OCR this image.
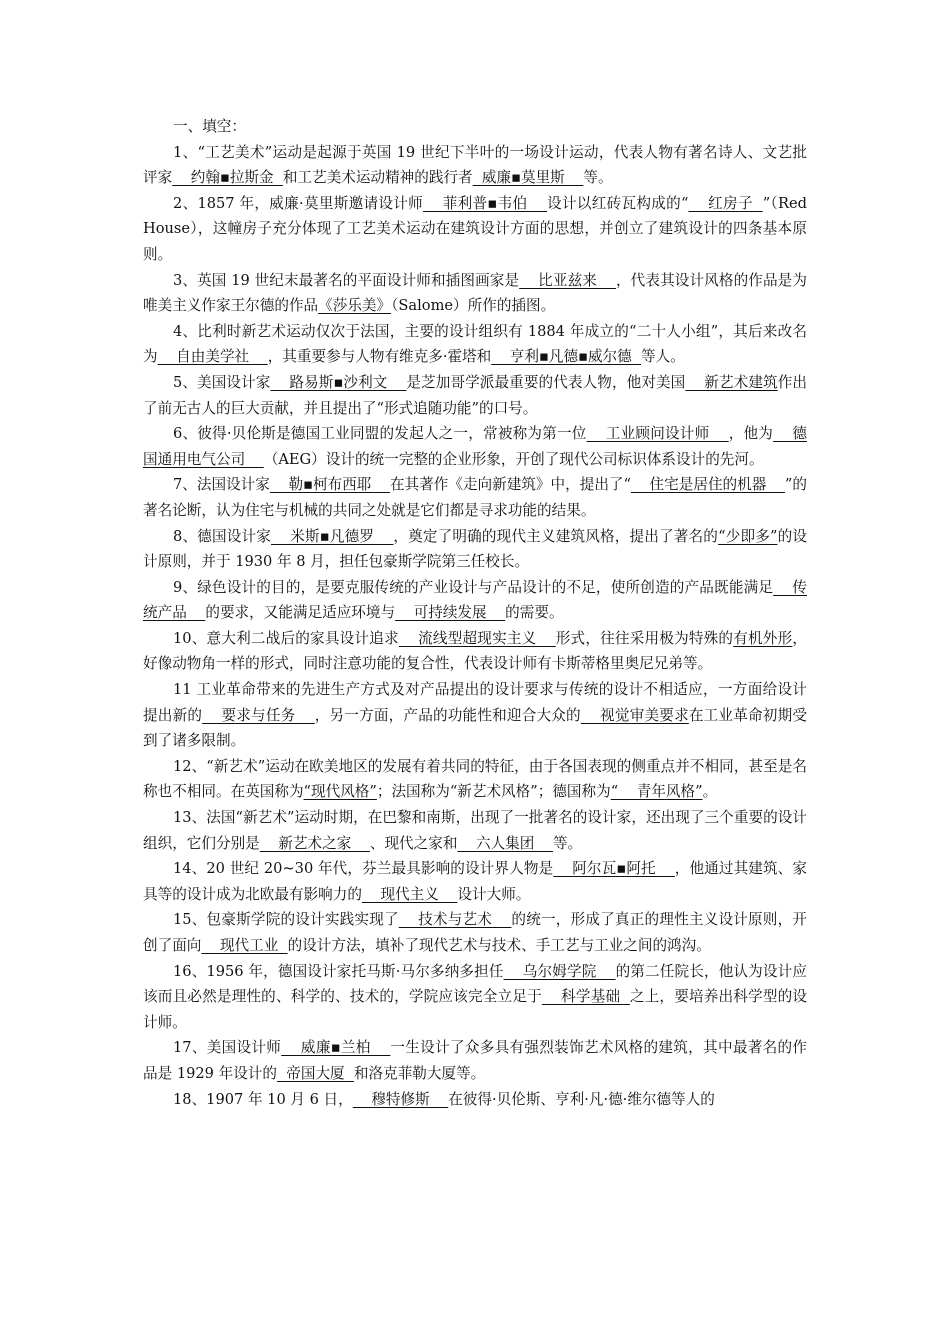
一、填空：

1、“工艺美术”运动是起源于英国 19 世纪下半叶的一场设计运动，代表人物有著名诗人、文艺批评家    约翰▪拉斯金  和工艺美术运动精神的践行者  威廉▪莫里斯    等。

2、1857 年，威廉·莫里斯邀请设计师    菲利普▪韦伯    设计以红砖瓦构成的“    红房子  ”（Red House），这幢房子充分体现了工艺美术运动在建筑设计方面的思想，并创立了建筑设计的四条基本原则。

3、英国 19 世纪末最著名的平面设计师和插图画家是    比亚兹来    ，代表其设计风格的作品是为唯美主义作家王尔德的作品《莎乐美》（Salome）所作的插图。

4、比利时新艺术运动仅次于法国，主要的设计组织有 1884 年成立的“二十人小组”，其后来改名为    自由美学社    ，其重要参与人物有维克多·霍塔和    亨利▪凡德▪威尔德  等人。

5、美国设计家    路易斯▪沙利文    是芝加哥学派最重要的代表人物，他对美国    新艺术建筑作出了前无古人的巨大贡献，并且提出了“形式追随功能”的口号。

6、彼得·贝伦斯是德国工业同盟的发起人之一，常被称为第一位    工业顾问设计师    ，他为    德国通用电气公司    （AEG）设计的统一完整的企业形象，开创了现代公司标识体系设计的先河。

7、法国设计家    勒▪柯布西耶    在其著作《走向新建筑》中，提出了“    住宅是居住的机器    ”的著名论断，认为住宅与机械的共同之处就是它们都是寻求功能的结果。

8、德国设计家    米斯▪凡德罗    ，奠定了明确的现代主义建筑风格，提出了著名的“少即多”的设计原则，并于 1930 年 8 月，担任包豪斯学院第三任校长。

9、绿色设计的目的，是要克服传统的产业设计与产品设计的不足，使所创造的产品既能满足    传统产品    的要求，又能满足适应环境与    可持续发展    的需要。

10、意大利二战后的家具设计追求    流线型超现实主义    形式，往往采用极为特殊的有机外形，好像动物角一样的形式，同时注意功能的复合性，代表设计师有卡斯蒂格里奥尼兄弟等。

11 工业革命带来的先进生产方式及对产品提出的设计要求与传统的设计不相适应，一方面给设计提出新的    要求与任务    ，另一方面，产品的功能性和迎合大众的    视觉审美要求在工业革命初期受到了诸多限制。

12、“新艺术”运动在欧美地区的发展有着共同的特征，由于各国表现的侧重点并不相同，甚至是名称也不相同。在英国称为“现代风格”；法国称为“新艺术风格”；德国称为“    青年风格”。

13、法国“新艺术”运动时期，在巴黎和南斯，出现了一批著名的设计家，还出现了三个重要的设计组织，它们分别是    新艺术之家    、现代之家和    六人集团    等。

14、20 世纪 20~30 年代，芬兰最具影响的设计界人物是    阿尔瓦▪阿托    ，他通过其建筑、家具等的设计成为北欧最有影响力的    现代主义    设计大师。

15、包豪斯学院的设计实践实现了    技术与艺术    的统一，形成了真正的理性主义设计原则，开创了面向    现代工业  的设计方法，填补了现代艺术与技术、手工艺与工业之间的鸿沟。

16、1956 年，德国设计家托马斯·马尔多纳多担任    乌尔姆学院    的第二任院长，他认为设计应该而且必然是理性的、科学的、技术的，学院应该完全立足于    科学基础  之上，要培养出科学型的设计师。

17、美国设计师    威廉▪兰柏    一生设计了众多具有强烈装饰艺术风格的建筑，其中最著名的作品是 1929 年设计的  帝国大厦  和洛克菲勒大厦等。

18、1907 年 10 月 6 日，    穆特修斯    在彼得·贝伦斯、亨利·凡·德·维尔德等人的
